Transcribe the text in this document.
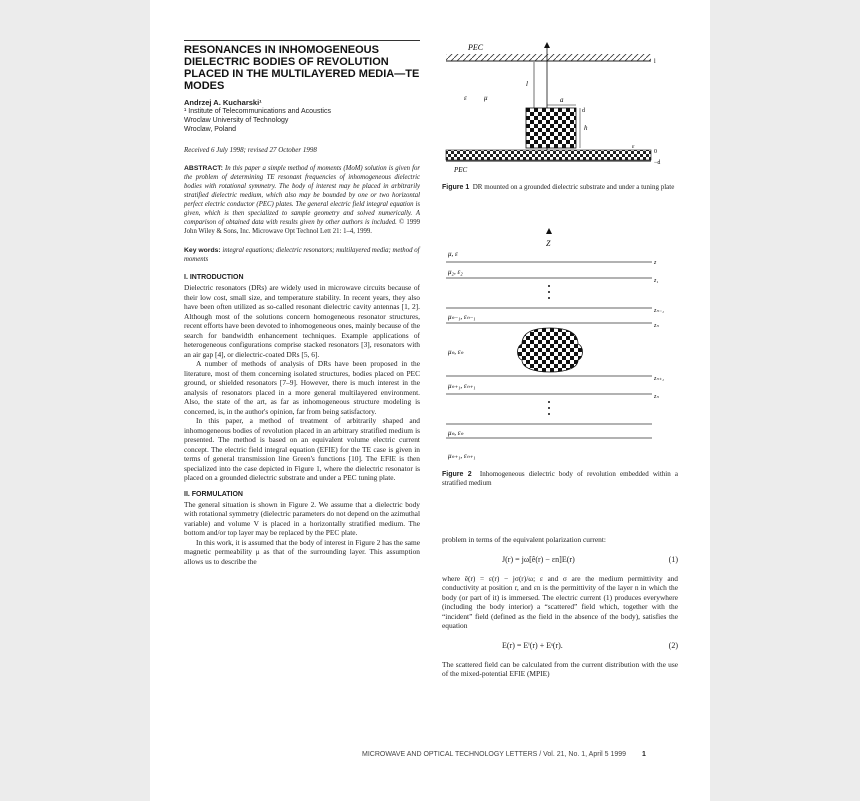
RESONANCES IN INHOMOGENEOUS DIELECTRIC BODIES OF REVOLUTION PLACED IN THE MULTILAYERED MEDIA—TE MODES

Andrzej A. Kucharski¹

¹ Institute of Telecommunications and Acoustics

Wroclaw University of Technology

Wroclaw, Poland

Received 6 July 1998; revised 27 October 1998

ABSTRACT: In this paper a simple method of moments (MoM) solution is given for the problem of determining TE resonant frequencies of inhomogeneous dielectric bodies with rotational symmetry. The body of interest may be placed in arbitrarily stratified dielectric medium, which also may be bounded by one or two horizontal perfect electric conductor (PEC) plates. The general electric field integral equation is given, which is then specialized to sample geometry and solved numerically. A comparison of obtained data with results given by other authors is included. © 1999 John Wiley & Sons, Inc. Microwave Opt Technol Lett 21: 1–4, 1999.

Key words: integral equations; dielectric resonators; multilayered media; method of moments

I. INTRODUCTION

Dielectric resonators (DRs) are widely used in microwave circuits because of their low cost, small size, and temperature stability. In recent years, they also have been often utilized as so-called resonant dielectric cavity antennas [1, 2]. Although most of the solutions concern homogeneous resonator structures, recent efforts have been devoted to inhomogeneous ones, mainly because of the search for bandwidth enhancement techniques. Example applications of heterogeneous configurations comprise stacked resonators [3], resonators with an air gap [4], or dielectric-coated DRs [5, 6].

A number of methods of analysis of DRs have been proposed in the literature, most of them concerning isolated structures, bodies placed on PEC ground, or shielded resonators [7–9]. However, there is much interest in the analysis of resonators placed in a more general multilayered environment. Also, the state of the art, as far as inhomogeneous structure modeling is concerned, is, in the author's opinion, far from being satisfactory.

In this paper, a method of treatment of arbitrarily shaped and inhomogeneous bodies of revolution placed in an arbitrary stratified medium is presented. The method is based on an equivalent volume electric current concept. The electric field integral equation (EFIE) for the TE case is given in terms of general transmission line Green's functions [10]. The EFIE is then specialized into the case depicted in Figure 1, where the dielectric resonator is placed on a grounded dielectric substrate and under a PEC tuning plate.

II. FORMULATION

The general situation is shown in Figure 2. We assume that a dielectric body with rotational symmetry (dielectric parameters do not depend on the azimuthal variable) and volume V is placed in a horizontally stratified medium. The bottom and/or top layer may be replaced by the PEC plate.

In this work, it is assumed that the body of interest in Figure 2 has the same magnetic permeability μ as that of the surrounding layer. This assumption allows us to describe the

PEC
l
l
ε μ	a
h
d
0
−d
PEC
ε

Figure 1 DR mounted on a grounded dielectric substrate and under a tuning plate

Z
μ, ε
μ₂, ε₂
μₙ₋₁, εₙ₋₁
μₙ, εₙ
μₙ₊₁, εₙ₊₁
μₙ, εₙ
μₙ₊₁, εₙ₊₁
z
z₁
zₙ₋₁
zₙ
zₙ₊₁
zₙ

Figure 2 Inhomogeneous dielectric body of revolution embedded within a stratified medium

problem in terms of the equivalent polarization current:

J(r) = jω[ê(r) − εn]E(r)	(1)

where ê(r) = ε(r) − jσ(r)/ω; ε and σ are the medium permittivity and conductivity at position r, and εn is the permittivity of the layer n in which the body (or part of it) is immersed. The electric current (1) produces everywhere (including the body interior) a “scattered” field which, together with the “incident” field (defined as the field in the absence of the body), satisfies the equation

E(r) = Eⁱ(r) + Eˢ(r).	(2)

The scattered field can be calculated from the current distribution with the use of the mixed-potential EFIE (MPIE)

MICROWAVE AND OPTICAL TECHNOLOGY LETTERS / Vol. 21, No. 1, April 5 1999 1
